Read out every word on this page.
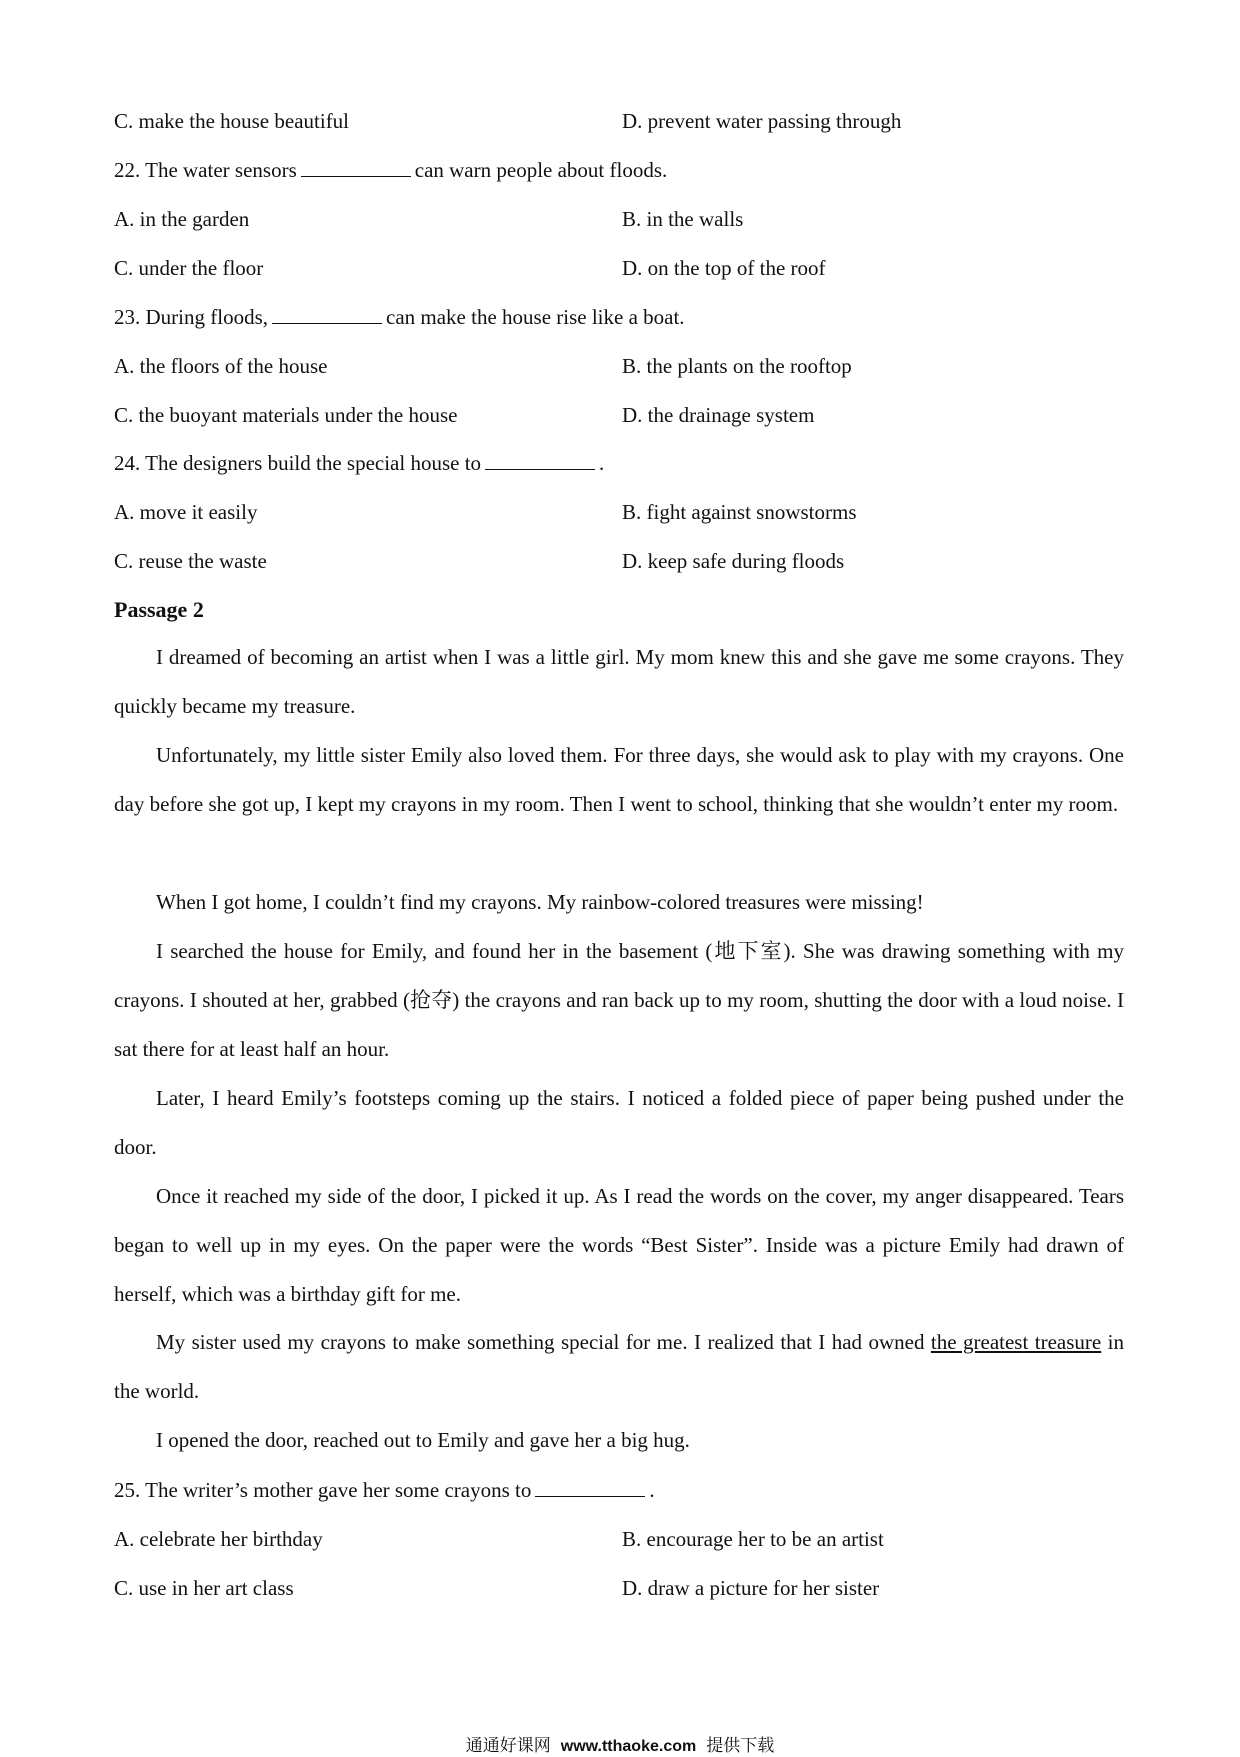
C. make the house beautiful	D. prevent water passing through
22. The water sensors	can warn people about floods.
A. in the garden	B. in the walls
C. under the floor	D. on the top of the roof
23. During floods,	can make the house rise like a boat.
A. the floors of the house	B. the plants on the rooftop
C. the buoyant materials under the house	D. the drainage system
24. The designers build the special house to	.
A. move it easily	B. fight against snowstorms
C. reuse the waste	D. keep safe during floods
Passage 2
I dreamed of becoming an artist when I was a little girl. My mom knew this and she gave me some crayons. They quickly became my treasure.
Unfortunately, my little sister Emily also loved them. For three days, she would ask to play with my crayons. One day before she got up, I kept my crayons in my room. Then I went to school, thinking that she wouldn’t enter my room.
When I got home, I couldn’t find my crayons. My rainbow-colored treasures were missing!
I searched the house for Emily, and found her in the basement (地下室). She was drawing something with my crayons. I shouted at her, grabbed (抢夺) the crayons and ran back up to my room, shutting the door with a loud noise. I sat there for at least half an hour.
Later, I heard Emily’s footsteps coming up the stairs. I noticed a folded piece of paper being pushed under the door.
Once it reached my side of the door, I picked it up. As I read the words on the cover, my anger disappeared. Tears began to well up in my eyes. On the paper were the words “Best Sister”. Inside was a picture Emily had drawn of herself, which was a birthday gift for me.
My sister used my crayons to make something special for me. I realized that I had owned the greatest treasure in the world.
I opened the door, reached out to Emily and gave her a big hug.
25. The writer’s mother gave her some crayons to	.
A. celebrate her birthday	B. encourage her to be an artist
C. use in her art class	D. draw a picture for her sister
通通好课网 www.tthaoke.com 提供下载
